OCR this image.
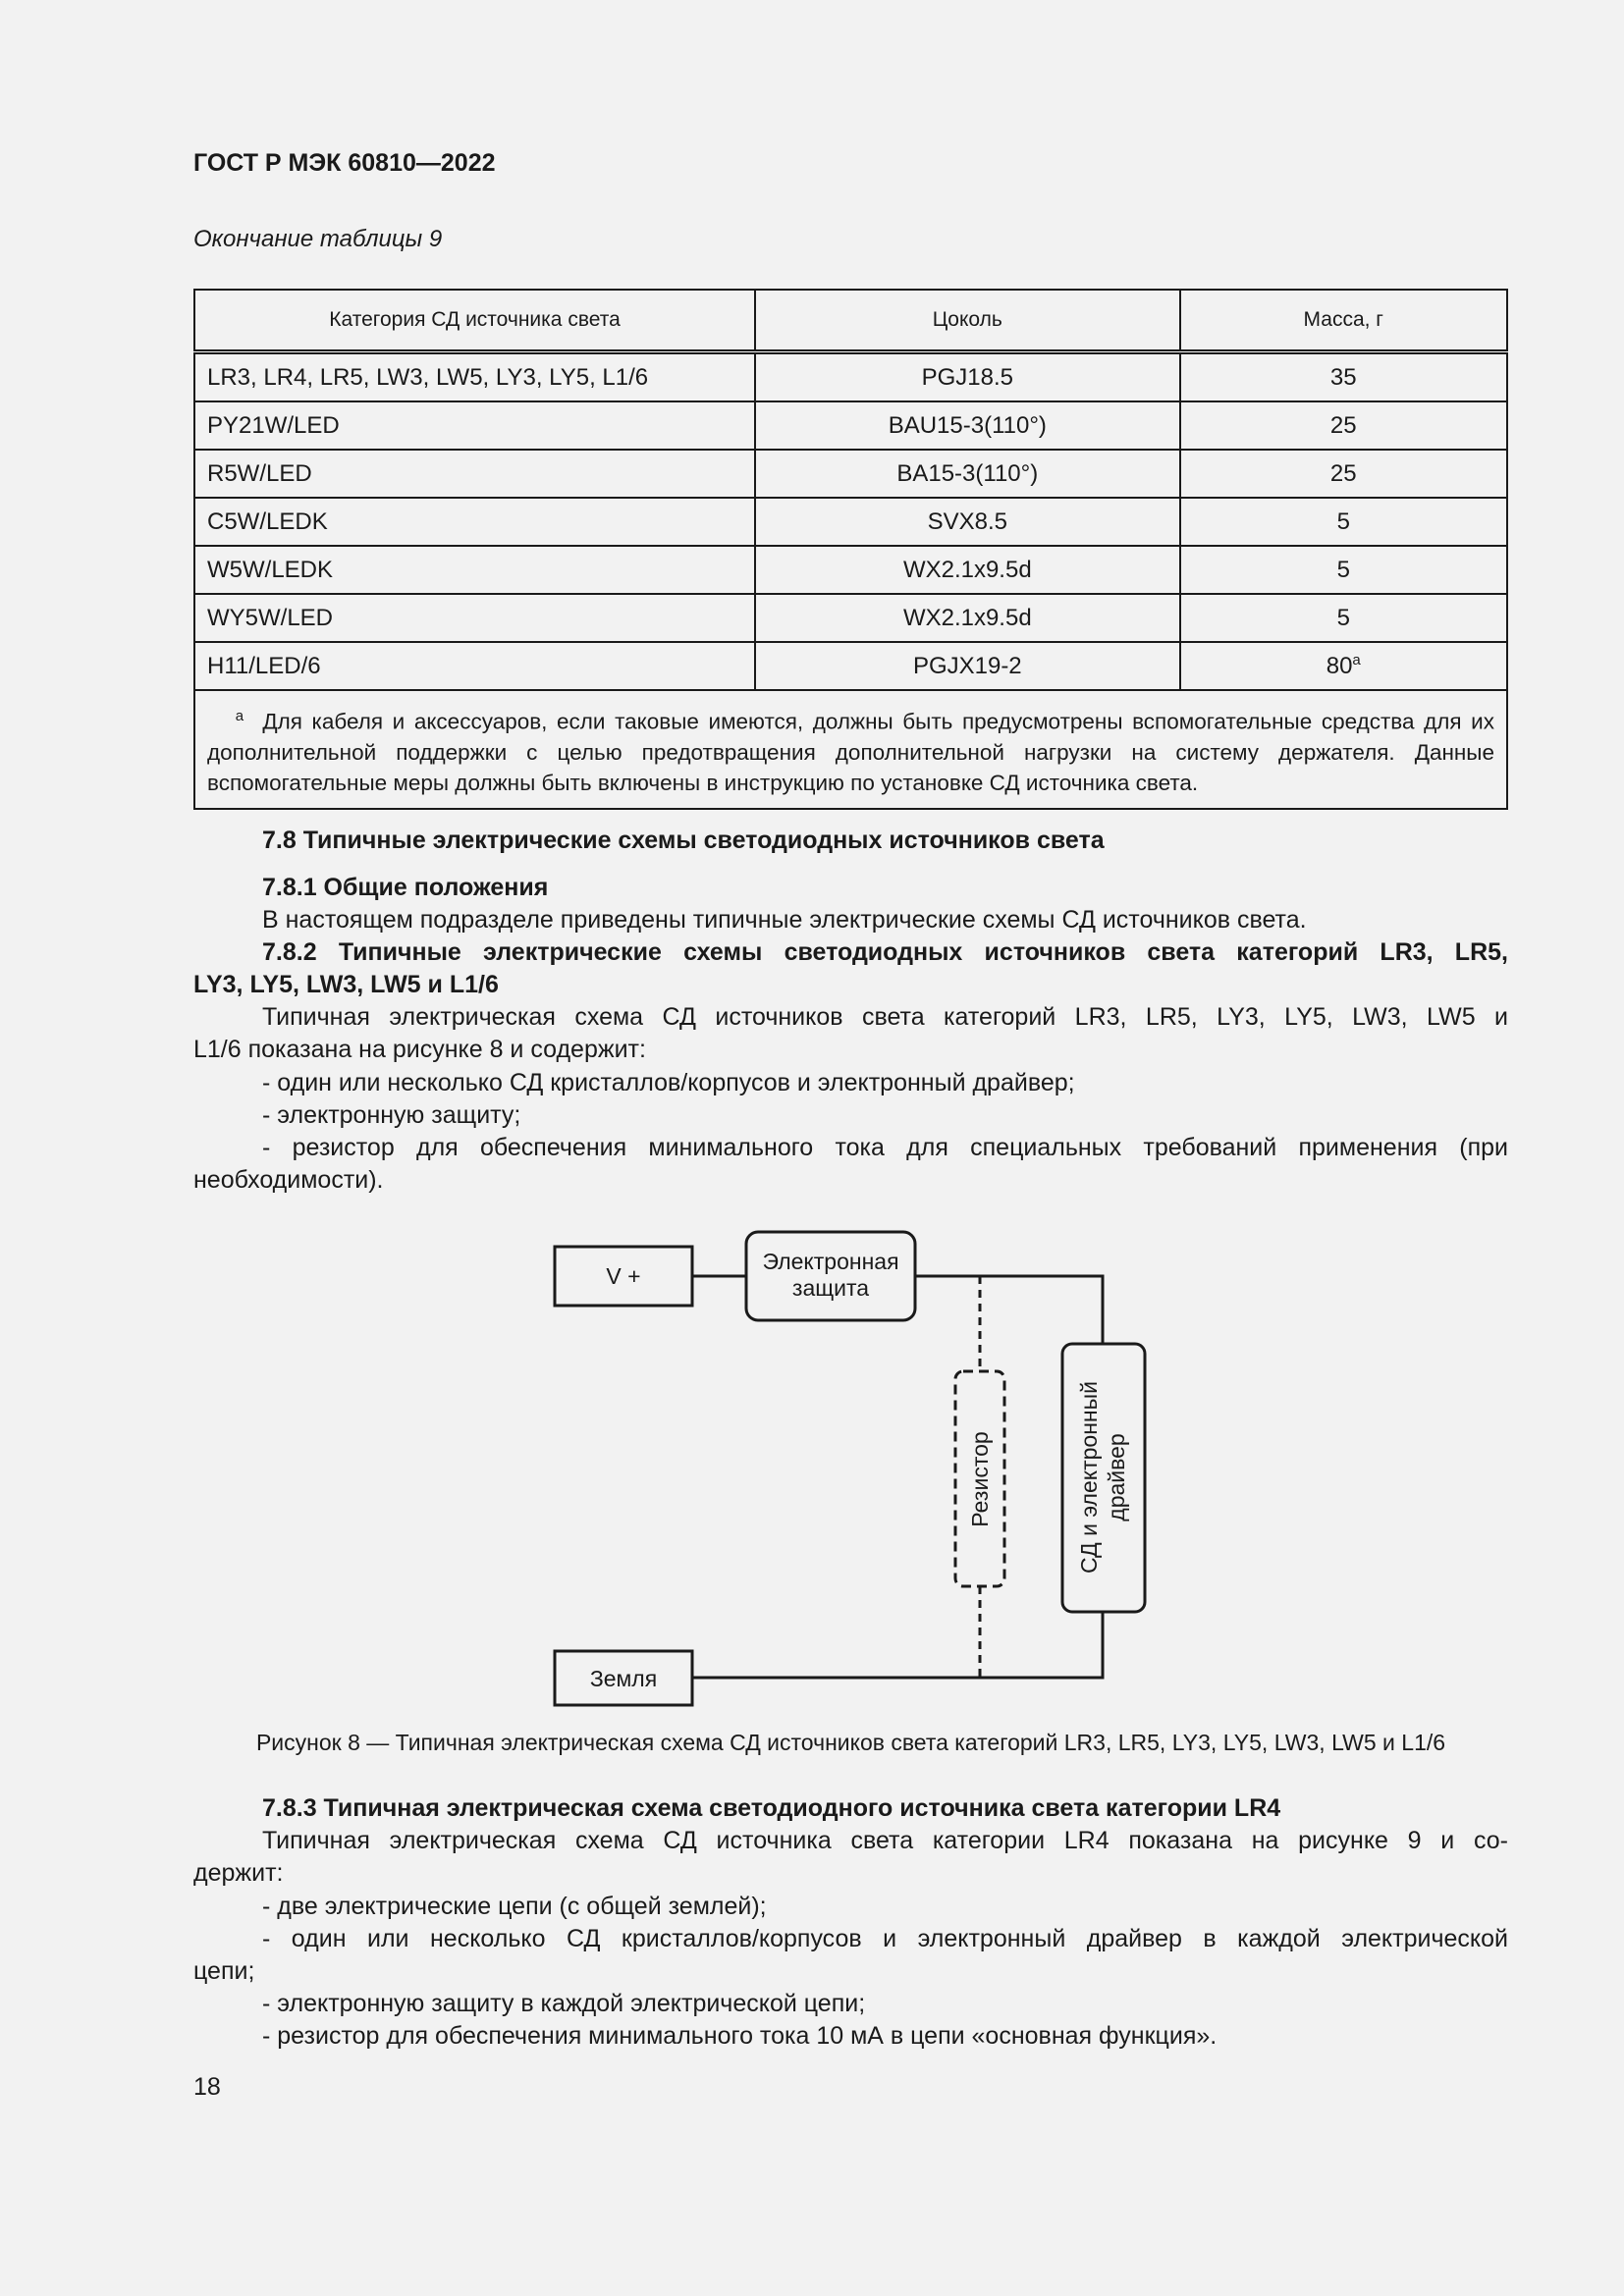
ГОСТ Р МЭК 60810—2022
Окончание таблицы 9
Категория СД источника света	Цоколь	Масса, г
LR3, LR4, LR5, LW3, LW5, LY3, LY5, L1/6	PGJ18.5	35
PY21W/LED	BAU15-3(110°)	25
R5W/LED	BA15-3(110°)	25
C5W/LEDK	SVX8.5	5
W5W/LEDK	WX2.1x9.5d	5
WY5W/LED	WX2.1x9.5d	5
H11/LED/6	PGJX19-2	80$^a$
$^a$ Для кабеля и аксессуаров, если таковые имеются, должны быть предусмотрены вспомогательные средства для их дополнительной поддержки с целью предотвращения дополнительной нагрузки на систему держателя. Данные вспомогательные меры должны быть включены в инструкцию по установке СД источника света.		
7.8 Типичные электрические схемы светодиодных источников света
7.8.1 Общие положения
В настоящем подразделе приведены типичные электрические схемы СД источников света.
7.8.2 Типичные электрические схемы светодиодных источников света категорий LR3, LR5,
LY3, LY5, LW3, LW5 и L1/6
Типичная электрическая схема СД источников света категорий LR3, LR5, LY3, LY5, LW3, LW5 и
L1/6 показана на рисунке 8 и содержит:
- один или несколько СД кристаллов/корпусов и электронный драйвер;
- электронную защиту;
- резистор для обеспечения минимального тока для специальных требований применения (при
необходимости).
V +
Электронная
защита
Резистор	СД и электронный драйвер
Земля
Рисунок 8 — Типичная электрическая схема СД источников света категорий LR3, LR5, LY3, LY5, LW3, LW5 и L1/6
7.8.3 Типичная электрическая схема светодиодного источника света категории LR4
Типичная электрическая схема СД источника света категории LR4 показана на рисунке 9 и со-
держит:
- две электрические цепи (с общей землей);
- один или несколько СД кристаллов/корпусов и электронный драйвер в каждой электрической
цепи;
- электронную защиту в каждой электрической цепи;
- резистор для обеспечения минимального тока 10 мА в цепи «основная функция».
18
